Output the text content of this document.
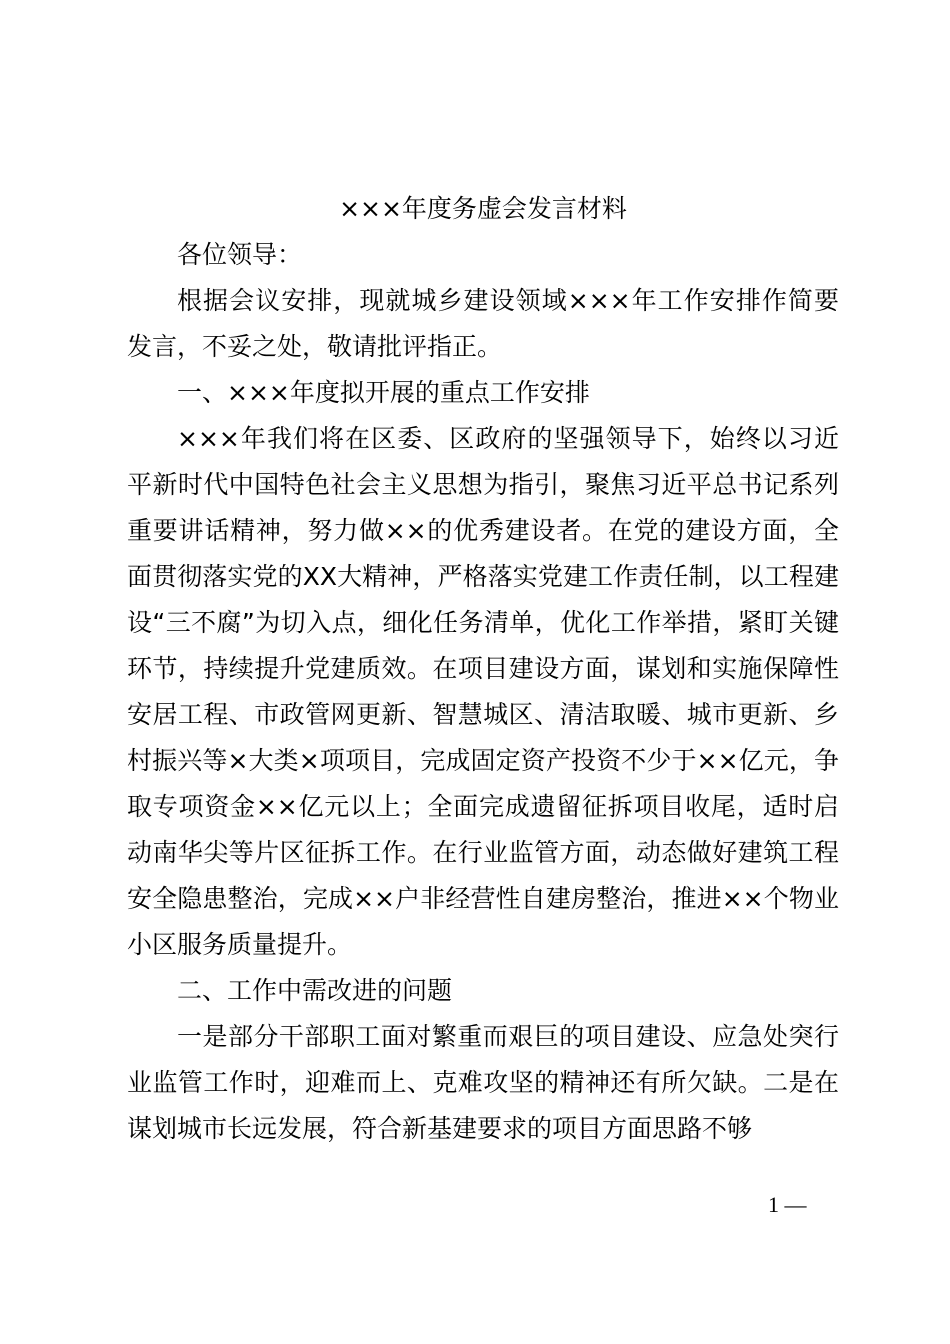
×××年度务虚会发言材料

各位领导：

根据会议安排，现就城乡建设领域×××年工作安排作简要发言，不妥之处，敬请批评指正。

一、×××年度拟开展的重点工作安排

×××年我们将在区委、区政府的坚强领导下，始终以习近平新时代中国特色社会主义思想为指引，聚焦习近平总书记系列重要讲话精神，努力做××的优秀建设者。在党的建设方面，全面贯彻落实党的XX大精神，严格落实党建工作责任制，以工程建设“三不腐”为切入点，细化任务清单，优化工作举措，紧盯关键环节，持续提升党建质效。在项目建设方面，谋划和实施保障性安居工程、市政管网更新、智慧城区、清洁取暖、城市更新、乡村振兴等×大类×项项目，完成固定资产投资不少于××亿元，争取专项资金××亿元以上；全面完成遗留征拆项目收尾，适时启动南华尖等片区征拆工作。在行业监管方面，动态做好建筑工程安全隐患整治，完成××户非经营性自建房整治，推进××个物业小区服务质量提升。

二、工作中需改进的问题

一是部分干部职工面对繁重而艰巨的项目建设、应急处突行业监管工作时，迎难而上、克难攻坚的精神还有所欠缺。二是在谋划城市长远发展，符合新基建要求的项目方面思路不够

1 —
